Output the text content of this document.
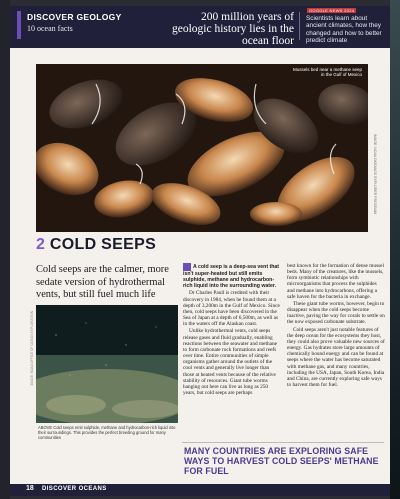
DISCOVER GEOLOGY
10 ocean facts
200 million years of geologic history lies in the ocean floor
GOOGLE NEWS 2024
Scientists learn about ancient climates, how they changed and how to better predict climate
Mussels bed near a methane seep in the Gulf of Mexico
IMAGE: NOAA OKEANOS EXPLORER PROGRAM
2 COLD SEEPS
Cold seeps are the calmer, more sedate version of hydrothermal vents, but still fuel much life
IMAGE: NOAA OFFICE OF OCEAN EXPLORATION
ABOVE Cold seeps emit sulphide, methane and hydrocarbon-rich liquid into their surroundings. This provides the perfect breeding ground for many communities

A cold seep is a deep-sea vent that isn't super-heated but still emits sulphide, methane and hydrocarbon-rich liquid into the surrounding water.

Dr Charles Paull is credited with their discovery in 1984, when he found them at a depth of 3,200m in the Gulf of Mexico. Since then, cold seeps have been discovered in the Sea of Japan at a depth of 6,500m, as well as in the waters off the Alaskan coast.

Unlike hydrothermal vents, cold seeps release gases and fluid gradually, enabling reactions between the seawater and methane to form carbonate rock formations and reefs over time. Entire communities of simple organisms gather around the outlets of the cool vents and generally live longer than those at heated vents because of the relative stability of resources. Giant tube worms hanging out here can live as long as 250 years, but cold seeps are perhaps

best known for the formation of dense mussel beds. Many of the creatures, like the mussels, form symbiotic relationships with microorganisms that process the sulphides and methane into hydrocarbons, offering a safe haven for the bacteria in exchange.

These giant tube worms, however, begin to disappear when the cold seeps become inactive, paving the way for corals to settle on the now exposed carbonate substrate.

Cold seeps aren't just notable features of the deep ocean for the ecosystems they host, they could also prove valuable new sources of energy. Gas hydrates store large amounts of chemically bound energy and can be found at seeps where the water has become saturated with methane gas, and many countries, including the USA, Japan, South Korea, India and China, are currently exploring safe ways to harvest them for fuel.

MANY COUNTRIES ARE EXPLORING SAFE WAYS TO HARVEST COLD SEEPS' METHANE FOR FUEL
18 DISCOVER OCEANS
